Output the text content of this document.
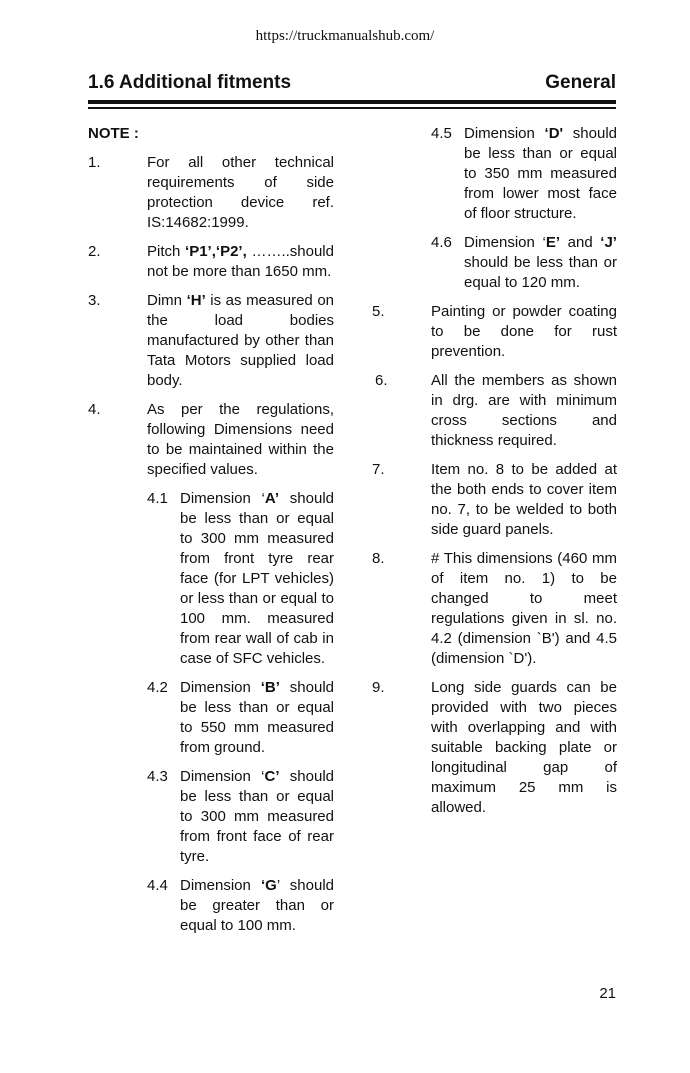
https://truckmanualshub.com/
1.6 Additional fitments	General
NOTE :
1.	For all other technical requirements of side protection device ref. IS:14682:1999.
2.	Pitch ‘P1’,‘P2’, ……..should not be more than 1650 mm.
3.	Dimn ‘H’ is as measured on the load bodies manufactured by other than Tata Motors supplied load body.
4.	As per the regulations, following Dimensions need to be maintained within the specified values.
4.1 Dimension ‘A’ should be less than or equal to 300 mm measured from front tyre rear face (for LPT vehicles) or less than or equal to 100 mm. measured from rear wall of cab in case of SFC vehicles.
4.2 Dimension ‘B’ should be less than or equal to 550 mm measured from ground.
4.3 Dimension ‘C’ should be less than or equal to 300 mm measured from front face of rear tyre.
4.4 Dimension ‘G’ should be greater than or equal to 100 mm.
4.5 Dimension ‘D' should be less than or equal to 350 mm measured from lower most face of floor structure.
4.6 Dimension ‘E’ and ‘J’ should be less than or equal to 120 mm.
5.	Painting or powder coating to be done for rust prevention.
6.	All the members as shown in drg. are with minimum cross sections and thickness required.
7.	Item no. 8 to be added at the both ends to cover item no. 7, to be welded to both side guard panels.
8.	# This dimensions (460 mm of item no. 1) to be changed to meet regulations given in sl. no. 4.2 (dimension `B') and 4.5 (dimension `D').
9.	Long side guards can be provided with two pieces with overlapping and with suitable backing plate or longitudinal gap of maximum 25 mm is allowed.
21
